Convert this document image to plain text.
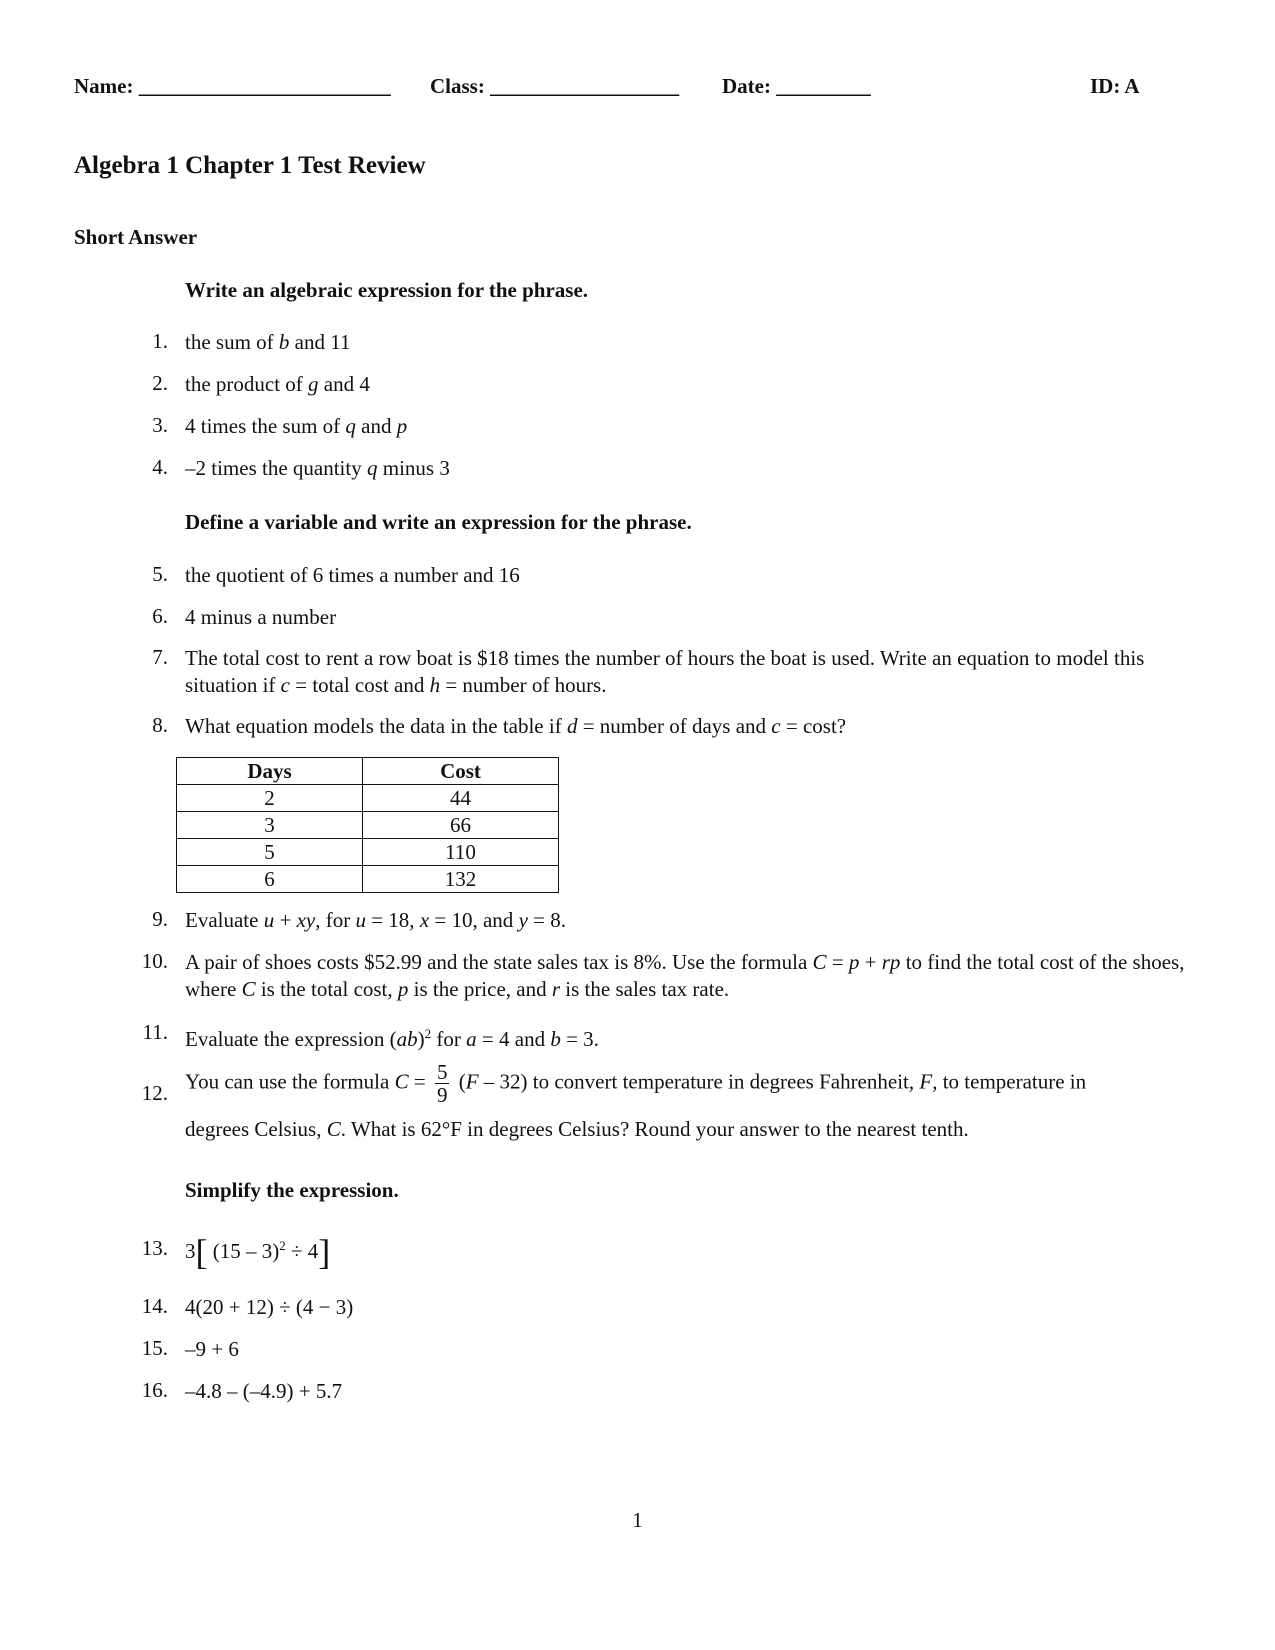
Name: ________________________ Class: __________________ Date: _________	ID: A
Algebra 1 Chapter 1 Test Review
Short Answer
Write an algebraic expression for the phrase.
1. the sum of b and 11
2. the product of g and 4
3. 4 times the sum of q and p
4. –2 times the quantity q minus 3
Define a variable and write an expression for the phrase.
5. the quotient of 6 times a number and 16
6. 4 minus a number
7. The total cost to rent a row boat is $18 times the number of hours the boat is used. Write an equation to model this situation if c = total cost and h = number of hours.
8. What equation models the data in the table if d = number of days and c = cost?
Days	Cost
2	44
3	66
5	110
6	132
9. Evaluate u + xy, for u = 18, x = 10, and y = 8.
10. A pair of shoes costs $52.99 and the state sales tax is 8%. Use the formula C = p + rp to find the total cost of the shoes, where C is the total cost, p is the price, and r is the sales tax rate.
11. Evaluate the expression (ab)$^2$ for a = 4 and b = 3.
12. You can use the formula $C = \frac{5}{9} (F - 32)$ to convert temperature in degrees Fahrenheit, F, to temperature in
degrees Celsius, C. What is 62°F in degrees Celsius? Round your answer to the nearest tenth.
Simplify the expression.
13. 3[ (15 – 3)$^2$ ÷ 4]
14. 4(20 + 12) ÷ (4 − 3)
15. –9 + 6
16. –4.8 – (–4.9) + 5.7
1
